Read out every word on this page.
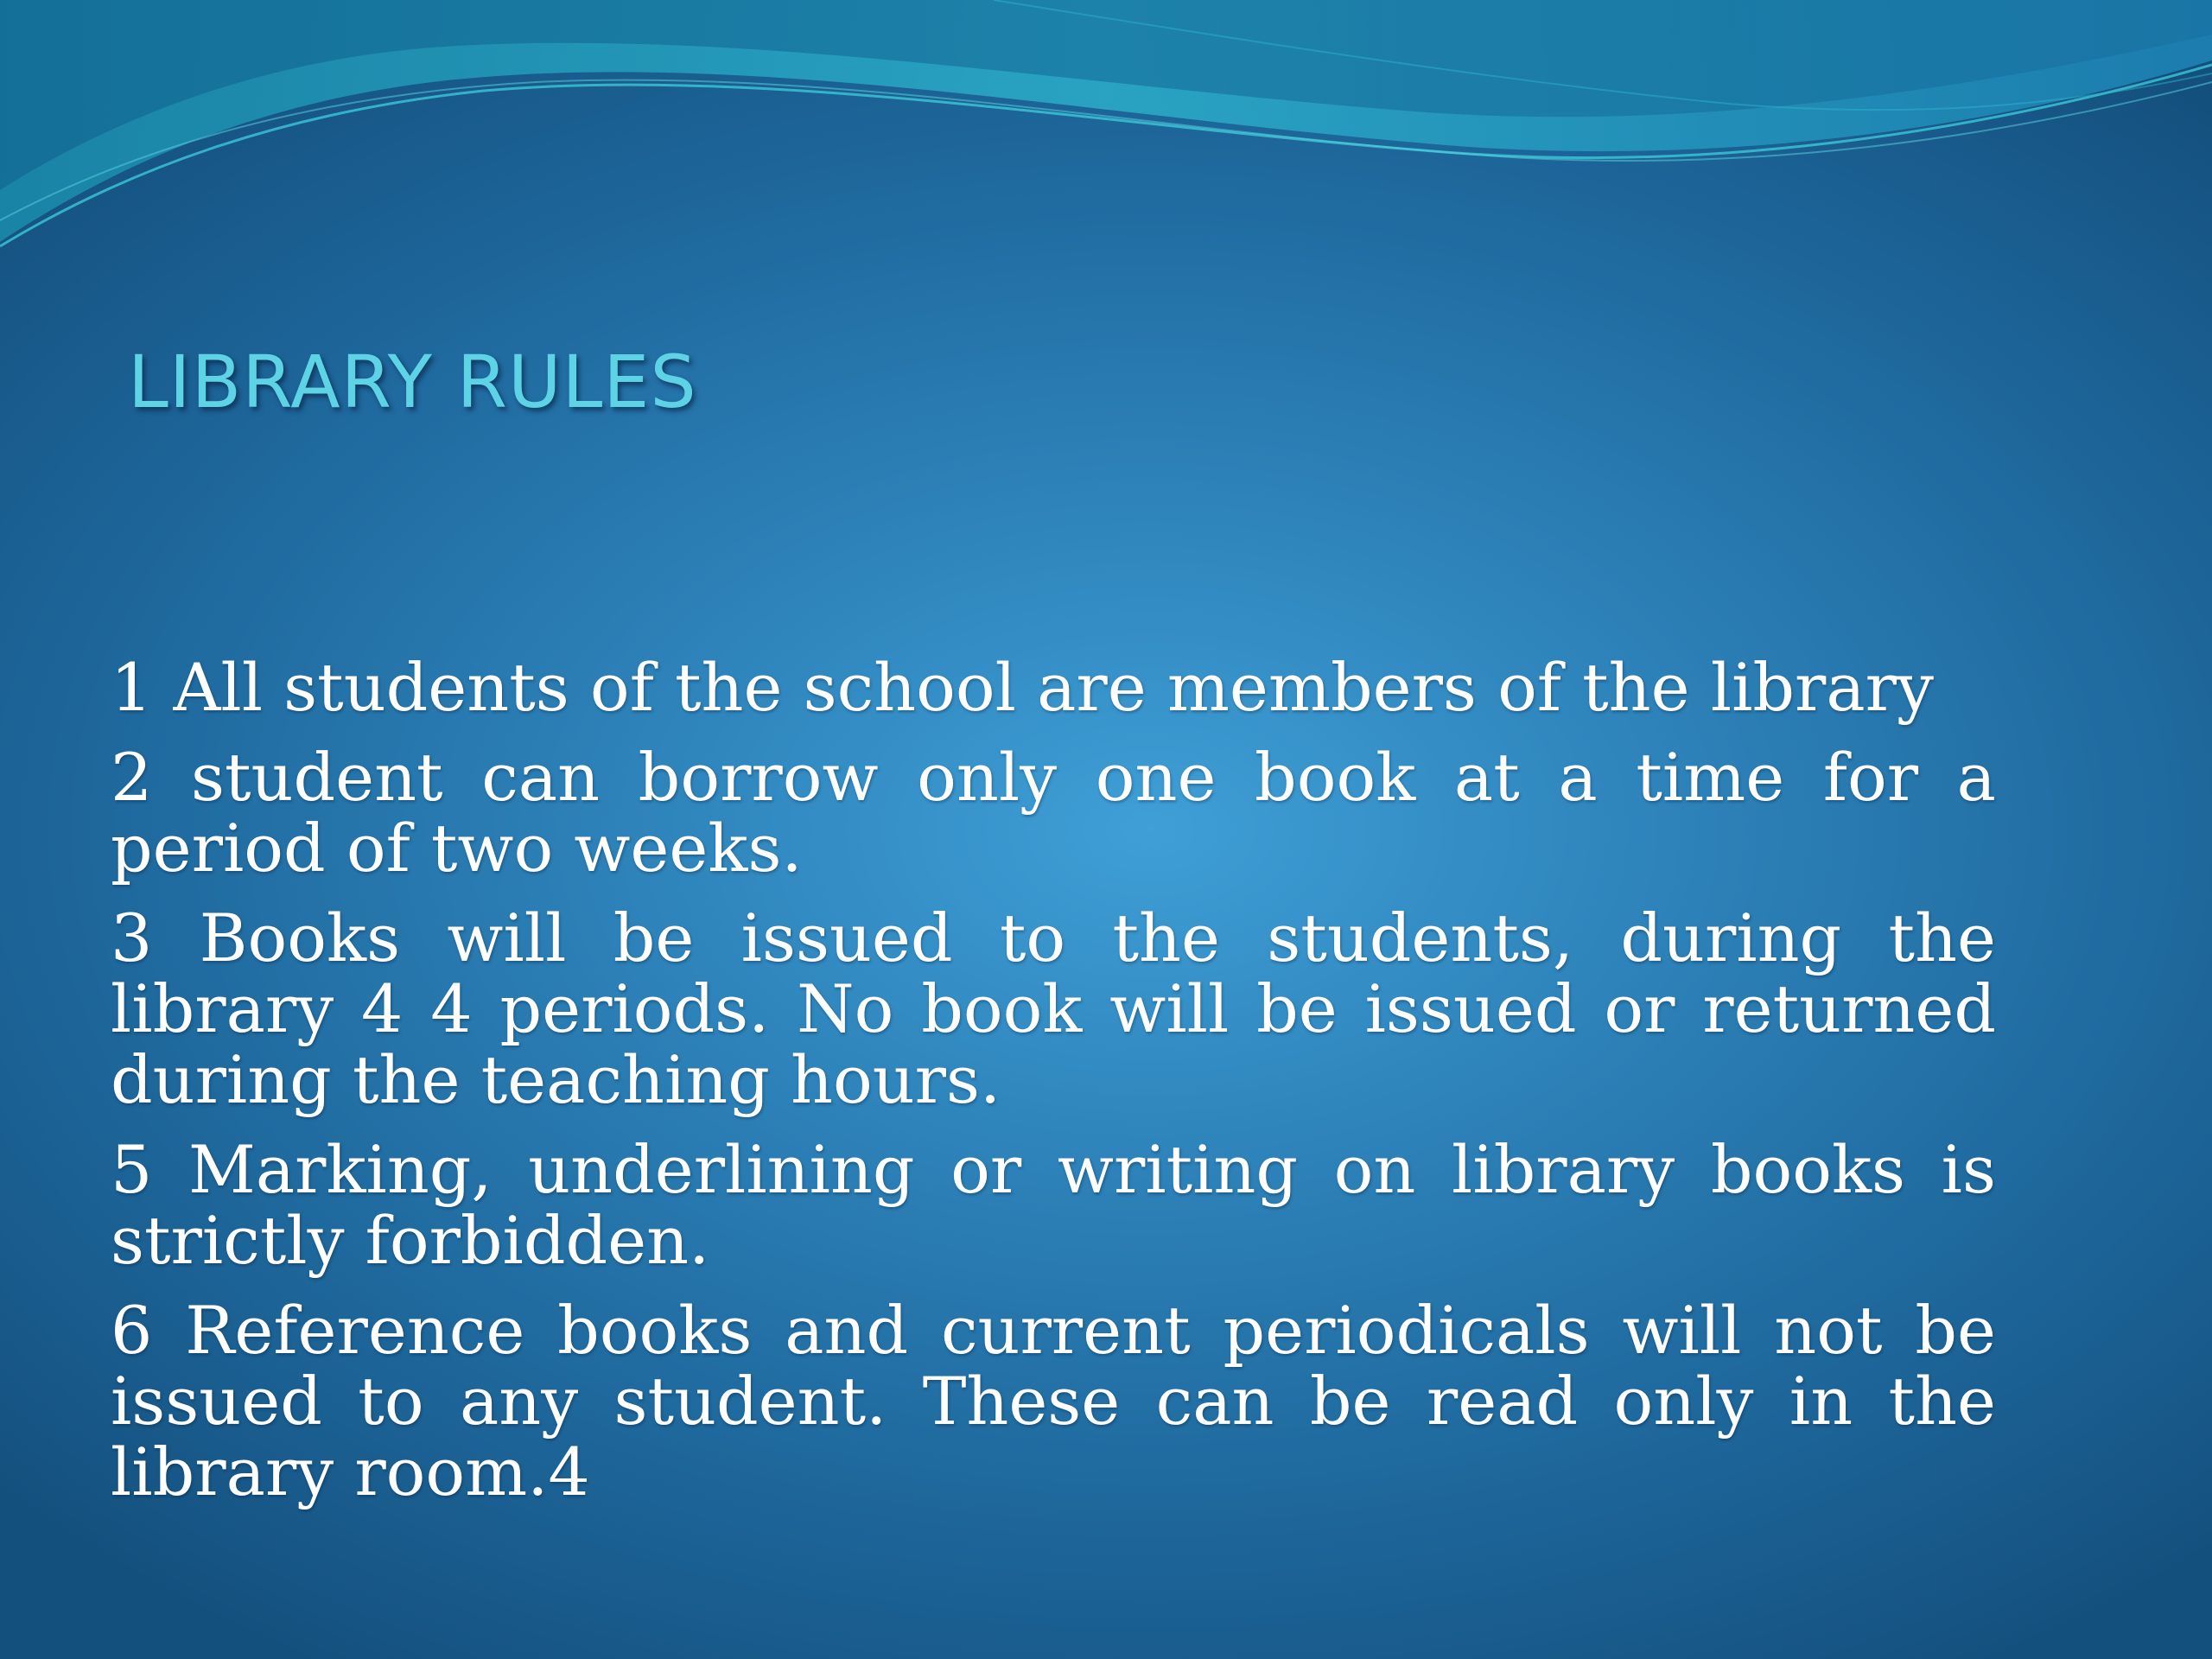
LIBRARY RULES
1 All students of the school are members of the library
2 student can borrow only one book at a time for a period of two weeks.
3 Books will be issued to the students, during the library 4 4 periods. No book will be issued or returned during the teaching hours.
5 Marking, underlining or writing on library books is strictly forbidden.
6 Reference books and current periodicals will not be issued to any student. These can be read only in the library room.4
